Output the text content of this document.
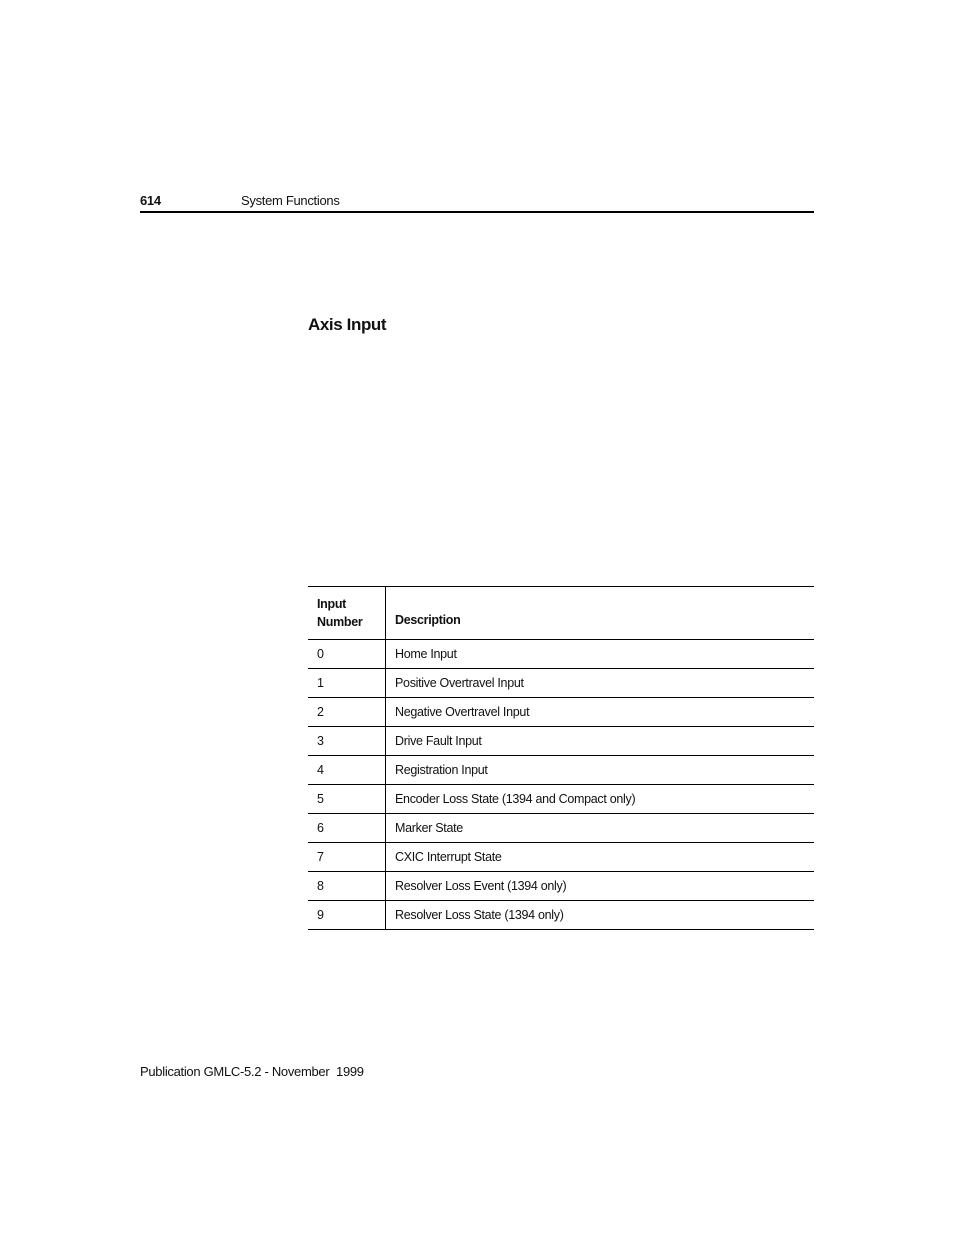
614	System Functions
Axis Input
Input
Number	Description
0	Home Input
1	Positive Overtravel Input
2	Negative Overtravel Input
3	Drive Fault Input
4	Registration Input
5	Encoder Loss State (1394 and Compact only)
6	Marker State
7	CXIC Interrupt State
8	Resolver Loss Event (1394 only)
9	Resolver Loss State (1394 only)
Publication GMLC-5.2 - November  1999
